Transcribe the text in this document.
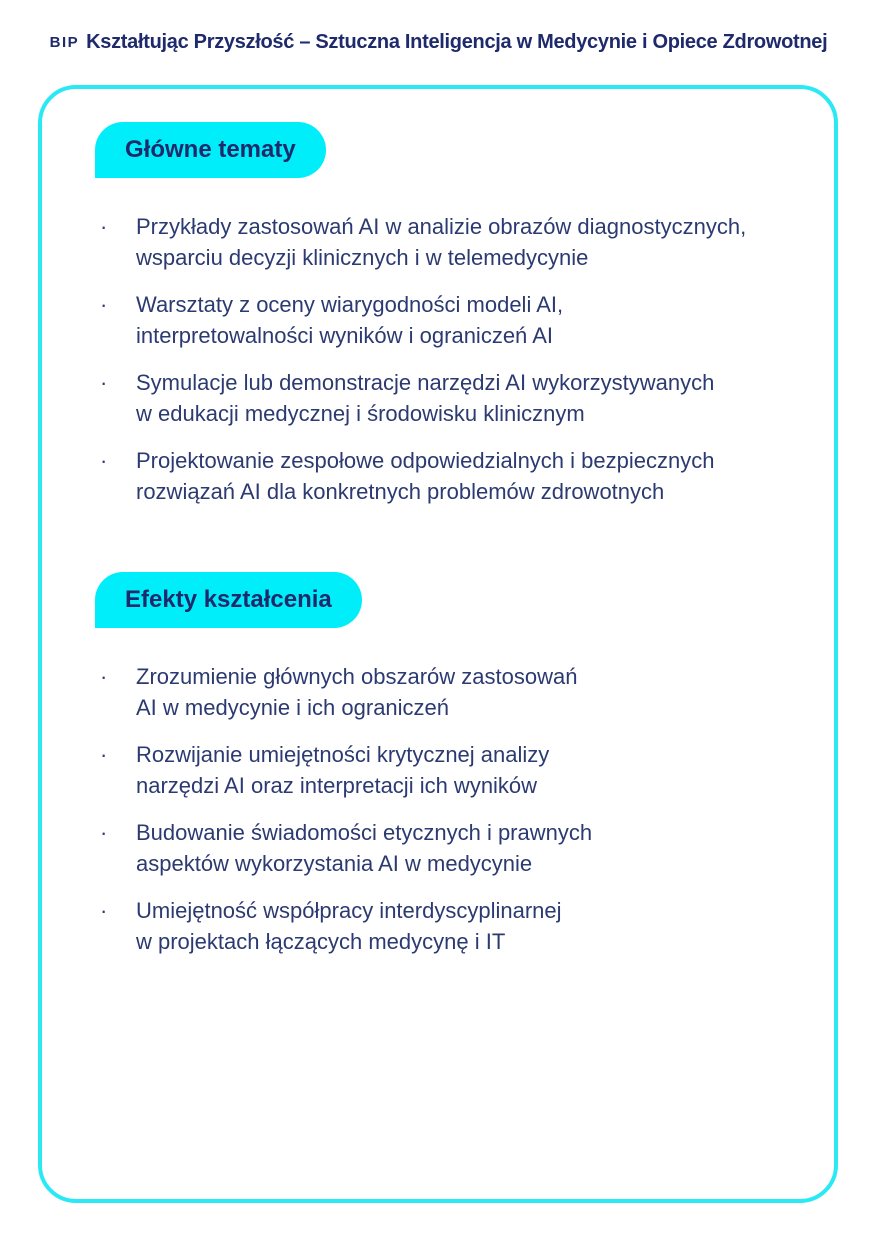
BIP Kształtując Przyszłość – Sztuczna Inteligencja w Medycynie i Opiece Zdrowotnej
Główne tematy
·	Przykłady zastosowań AI w analizie obrazów diagnostycznych,
wsparciu decyzji klinicznych i w telemedycynie
·	Warsztaty z oceny wiarygodności modeli AI,
interpretowalności wyników i ograniczeń AI
·	Symulacje lub demonstracje narzędzi AI wykorzystywanych
w edukacji medycznej i środowisku klinicznym
·	Projektowanie zespołowe odpowiedzialnych i bezpiecznych
rozwiązań AI dla konkretnych problemów zdrowotnych
Efekty kształcenia
·	Zrozumienie głównych obszarów zastosowań
AI w medycynie i ich ograniczeń
·	Rozwijanie umiejętności krytycznej analizy
narzędzi AI oraz interpretacji ich wyników
·	Budowanie świadomości etycznych i prawnych
aspektów wykorzystania AI w medycynie
·	Umiejętność współpracy interdyscyplinarnej
w projektach łączących medycynę i IT
